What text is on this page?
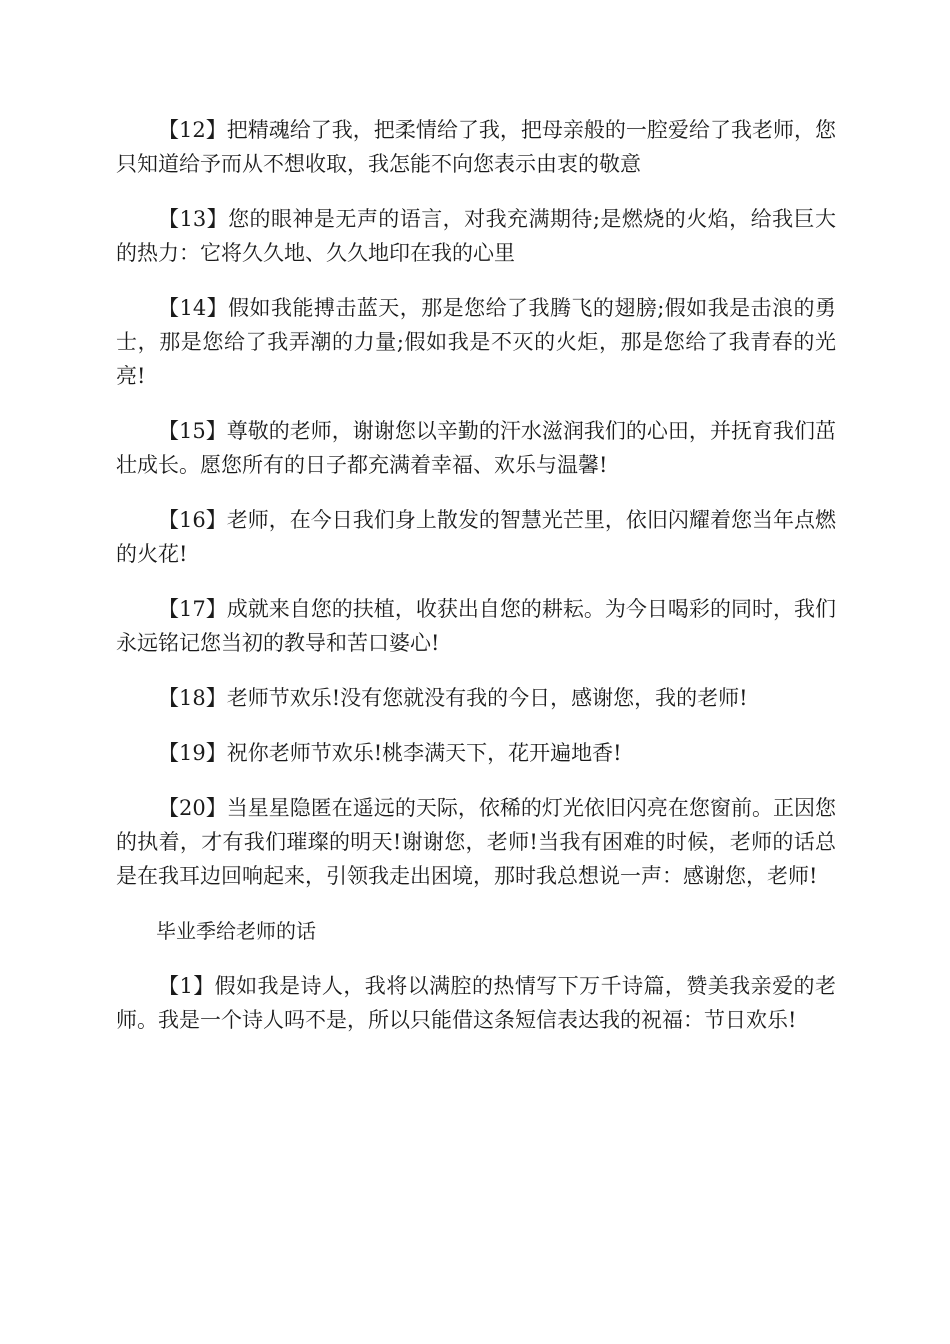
【12】把精魂给了我，把柔情给了我，把母亲般的一腔爱给了我老师，您只知道给予而从不想收取，我怎能不向您表示由衷的敬意

【13】您的眼神是无声的语言，对我充满期待;是燃烧的火焰，给我巨大的热力：它将久久地、久久地印在我的心里

【14】假如我能搏击蓝天，那是您给了我腾飞的翅膀;假如我是击浪的勇士，那是您给了我弄潮的力量;假如我是不灭的火炬，那是您给了我青春的光亮!

【15】尊敬的老师，谢谢您以辛勤的汗水滋润我们的心田，并抚育我们茁壮成长。愿您所有的日子都充满着幸福、欢乐与温馨!

【16】老师，在今日我们身上散发的智慧光芒里，依旧闪耀着您当年点燃的火花!

【17】成就来自您的扶植，收获出自您的耕耘。为今日喝彩的同时，我们永远铭记您当初的教导和苦口婆心!

【18】老师节欢乐!没有您就没有我的今日，感谢您，我的老师!

【19】祝你老师节欢乐!桃李满天下，花开遍地香!

【20】当星星隐匿在遥远的天际，依稀的灯光依旧闪亮在您窗前。正因您的执着，才有我们璀璨的明天!谢谢您，老师!当我有困难的时候，老师的话总是在我耳边回响起来，引领我走出困境，那时我总想说一声：感谢您，老师!

毕业季给老师的话

【1】假如我是诗人，我将以满腔的热情写下万千诗篇，赞美我亲爱的老师。我是一个诗人吗不是，所以只能借这条短信表达我的祝福：节日欢乐!
